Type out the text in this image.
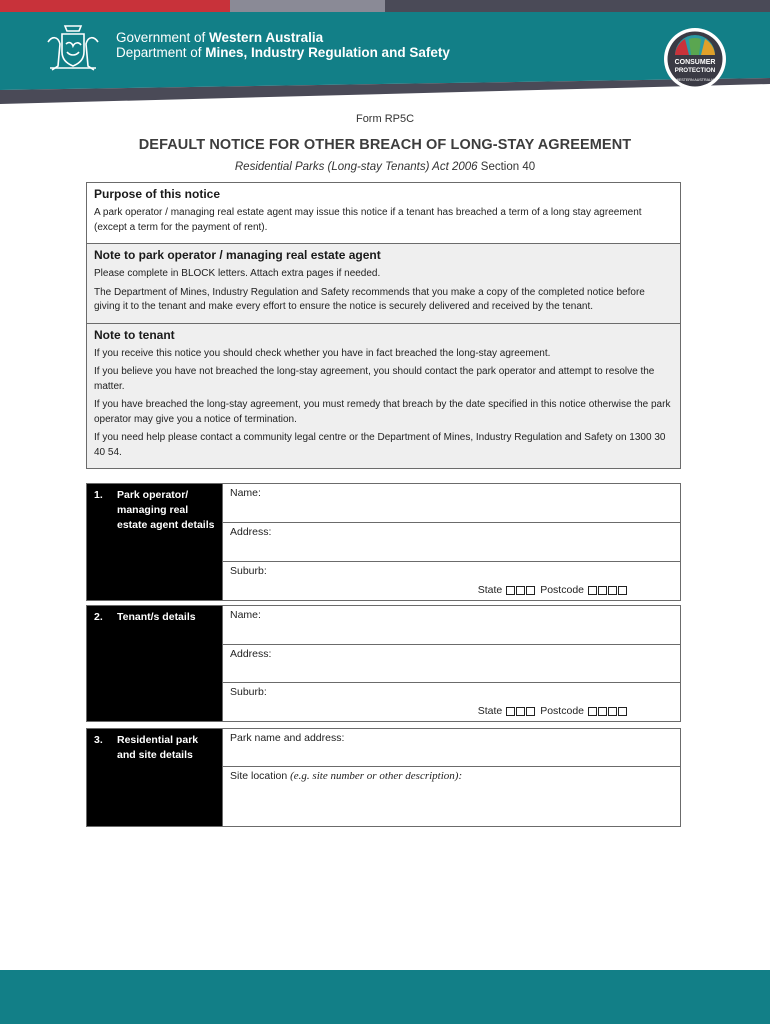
Government of Western Australia
Department of Mines, Industry Regulation and Safety
CONSUMER
PROTECTION
WESTERN AUSTRALIA
Form RP5C
DEFAULT NOTICE FOR OTHER BREACH OF LONG-STAY AGREEMENT
Residential Parks (Long-stay Tenants) Act 2006 Section 40
Purpose of this notice

A park operator / managing real estate agent may issue this notice if a tenant has breached a term of a long stay agreement (except a term for the payment of rent).

Note to park operator / managing real estate agent

Please complete in BLOCK letters. Attach extra pages if needed.

The Department of Mines, Industry Regulation and Safety recommends that you make a copy of the completed notice before giving it to the tenant and make every effort to ensure the notice is securely delivered and received by the tenant.

Note to tenant

If you receive this notice you should check whether you have in fact breached the long-stay agreement.

If you believe you have not breached the long-stay agreement, you should contact the park operator and attempt to resolve the matter.

If you have breached the long-stay agreement, you must remedy that breach by the date specified in this notice otherwise the park operator may give you a notice of termination.

If you need help please contact a community legal centre or the Department of Mines, Industry Regulation and Safety on 1300 30 40 54.

1.	Park operator/ managing real estate agent details
Name:
Address:
Suburb:
State	Postcode
2.	Tenant/s details	Name:
Address:
Suburb:
State	Postcode
3.	Residential park and site details
Park name and address:
Site location (e.g. site number or other description):
